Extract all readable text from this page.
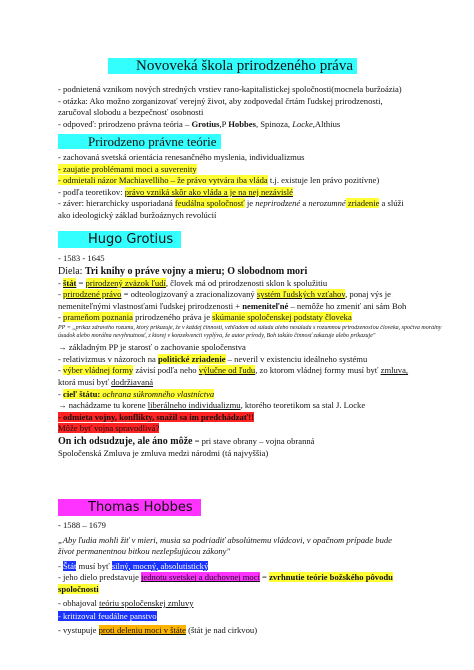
Novoveká škola prirodzeného práva
- podnietená vznikom nových stredných vrstiev rano-kapitalistickej spoločnosti(mocnela buržoázia)
- otázka: Ako možno zorganizovať verejný život, aby zodpovedal črtám ľudskej prirodzenosti,
zaručoval slobodu a bezpečnosť osobnosti
- odpoveď: prirodzeno právna teória – Grotius,P Hobbes, Spinoza, Locke,Althius
Prirodzeno právne teórie
- zachovaná svetská orientácia renesančného myslenia, individualizmus
- zaujatie problémami moci a suverenity
- odmietali názor Machiavelliho – že právo vytvára iba vláda t.j. existuje len právo pozitívne)
- podľa teoretikov: právo vzniká skôr ako vláda a je na nej nezávislé
- záver: hierarchicky usporiadaná feudálna spoločnosť je neprirodzené a nerozumné zriadenie a slúži
ako ideologický základ buržoáznych revolúcií
Hugo Grotius
- 1583 - 1645
Diela: Tri knihy o práve vojny a mieru; O slobodnom mori
- štát = prirodzený zväzok ľudí, človek má od prirodzenosti sklon k spolužitiu
- prirodzené právo = odteologizovaný a zracionalizovaný systém ľudských vzťahov, ponaj výs je
nemeniteľnými vlastnosťami ľudskej prirodzenosti + nemeniteľné – nemôže ho zmeniť ani sám Boh
- prameňom poznania prirodzeného práva je skúmanie spoločenskej podstaty človeka
PP = „príkaz zdravého rozumu, ktorý prikazuje, že v každej činnosti, vzhľadom od súladu alebo nesúladu s rozumnou prirodzenosťou človeka, spočíva morálny úsudok alebo morálna nevyhnutnosť, z ktorej v konzekvencii vyplýva, že autor prírody, Boh takúto činnosť zakazuje alebo prikazuje"
→ základným PP je starosť o zachovanie spoločenstva
- relativizmus v názoroch na politické zriadenie – neveril v existenciu ideálneho systému
- výber vládnej formy závisí podľa neho výlučne od ľudu, zo ktorom vládnej formy musí byť zmluva,
ktorá musí byť dodržiavaná
- cieľ štátu: ochrana súkromného vlastníctva
→ nachádzame tu korene liberálneho individualizmu, ktorého teoretikom sa stal J. Locke
- odmieta vojny, konflikty, snažil sa im predchádzať!!
Môže byť vojna spravodlivá?
On ich odsudzuje, ale áno môže = pri stave obrany – vojna obranná
Spoločenská Zmluva je zmluva medzi národmi (tá najvyššia)
Thomas Hobbes
- 1588 – 1679
„Aby ľudia mohli žiť v mieri, musia sa podriadiť absolútnemu vládcovi, v opačnom prípade bude
život permanentnou bitkou nezlepšujúcou zákony"
- Štát musí byť silný, mocný, absolutistický
- jeho dielo predstavuje jednotu svetskej a duchovnej moci = zvrhnutie teórie božského pôvodu
spoločnosti
- obhajoval teóriu spoločenskej zmluvy
- kritizoval feudálne panstvo
- vystupuje proti deleniu moci v štáte (štát je nad cirkvou)
